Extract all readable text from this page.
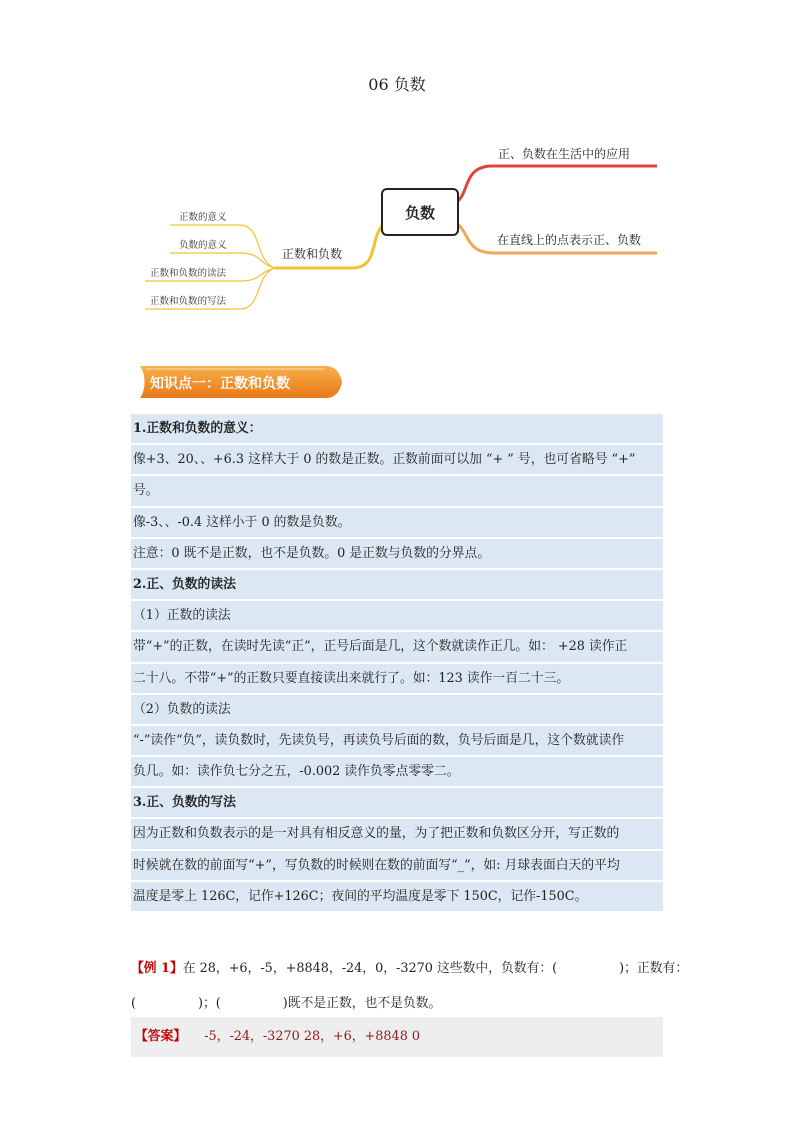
06 负数
负数
正、负数在生活中的应用
在直线上的点表示正、负数
正数和负数
正数的意义
负数的意义
正数和负数的读法
正数和负数的写法
知识点一：正数和负数
1.正数和负数的意义：
像+3、20、、+6.3 这样大于 0 的数是正数。正数前面可以加 “+ ” 号，也可省略号 “+”
号。
像-3、、-0.4 这样小于 0 的数是负数。
注意：0 既不是正数，也不是负数。0 是正数与负数的分界点。
2.正、负数的读法
（1）正数的读法
带“+”的正数，在读时先读“正”，正号后面是几，这个数就读作正几。如： +28 读作正
二十八。不带“+”的正数只要直接读出来就行了。如：123 读作一百二十三。
（2）负数的读法
“-”读作“负”，读负数时，先读负号，再读负号后面的数，负号后面是几，这个数就读作
负几。如：读作负七分之五，-0.002 读作负零点零零二。
3.正、负数的写法
因为正数和负数表示的是一对具有相反意义的量，为了把正数和负数区分开，写正数的
时候就在数的前面写“+”，写负数的时候则在数的前面写“_”，如: 月球表面白天的平均
温度是零上 126C，记作+126C；夜间的平均温度是零下 150C，记作-150C。
【例 1】在 28，+6，-5，+8848，-24，0，-3270 这些数中，负数有：(	)；正数有：
(	)；(	)既不是正数，也不是负数。
【答案】 -5，-24，-3270 28，+6，+8848 0
